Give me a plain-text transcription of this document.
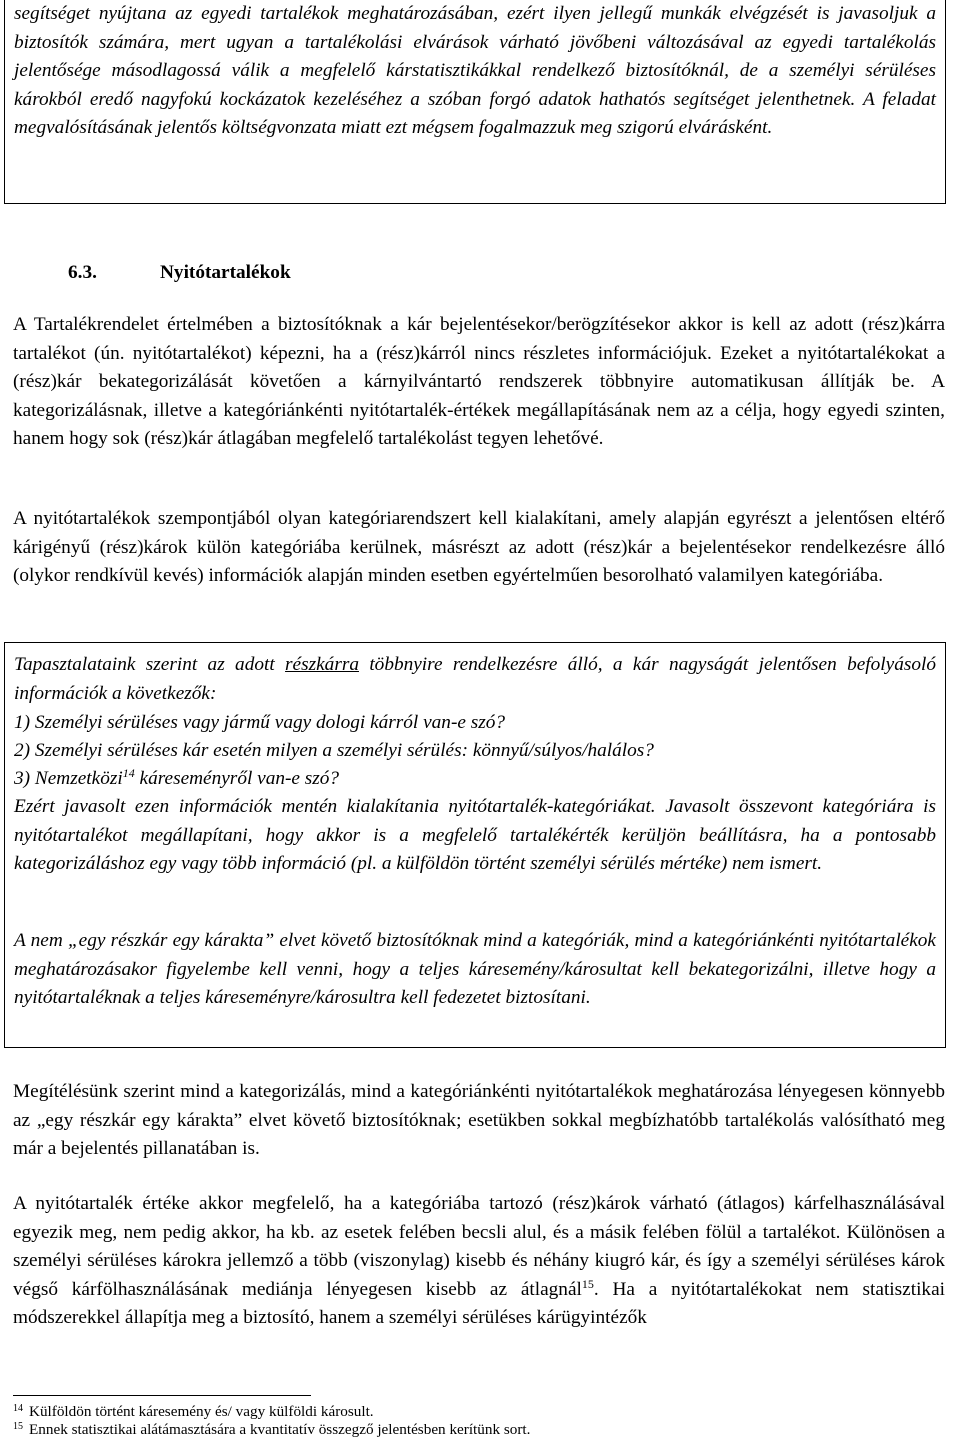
segítséget nyújtana az egyedi tartalékok meghatározásában, ezért ilyen jellegű munkák elvégzését is javasoljuk a biztosítók számára, mert ugyan a tartalékolási elvárások várható jövőbeni változásával az egyedi tartalékolás jelentősége másodlagossá válik a megfelelő kárstatisztikákkal rendelkező biztosítóknál, de a személyi sérüléses károkból eredő nagyfokú kockázatok kezeléséhez a szóban forgó adatok hathatós segítséget jelenthetnek. A feladat megvalósításának jelentős költségvonzata miatt ezt mégsem fogalmazzuk meg szigorú elvárásként.

6.3.	Nyitótartalékok

A Tartalékrendelet értelmében a biztosítóknak a kár bejelentésekor/berögzítésekor akkor is kell az adott (rész)kárra tartalékot (ún. nyitótartalékot) képezni, ha a (rész)kárról nincs részletes információjuk. Ezeket a nyitótartalékokat a (rész)kár bekategorizálását követően a kárnyilvántartó rendszerek többnyire automatikusan állítják be. A kategorizálásnak, illetve a kategóriánkénti nyitótartalék-értékek megállapításának nem az a célja, hogy egyedi szinten, hanem hogy sok (rész)kár átlagában megfelelő tartalékolást tegyen lehetővé.

A nyitótartalékok szempontjából olyan kategóriarendszert kell kialakítani, amely alapján egyrészt a jelentősen eltérő kárigényű (rész)károk külön kategóriába kerülnek, másrészt az adott (rész)kár a bejelentésekor rendelkezésre álló (olykor rendkívül kevés) információk alapján minden esetben egyértelműen besorolható valamilyen kategóriába.

Tapasztalataink szerint az adott részkárra többnyire rendelkezésre álló, a kár nagyságát jelentősen befolyásoló információk a következők:

1) Személyi sérüléses vagy jármű vagy dologi kárról van-e szó?

2) Személyi sérüléses kár esetén milyen a személyi sérülés: könnyű/súlyos/halálos?

3) Nemzetközi$^{14}$ káreseményről van-e szó?

Ezért javasolt ezen információk mentén kialakítania nyitótartalék-kategóriákat. Javasolt összevont kategóriára is nyitótartalékot megállapítani, hogy akkor is a megfelelő tartalékérték kerüljön beállításra, ha a pontosabb kategorizáláshoz egy vagy több információ (pl. a külföldön történt személyi sérülés mértéke) nem ismert.

A nem „egy részkár egy kárakta” elvet követő biztosítóknak mind a kategóriák, mind a kategóriánkénti nyitótartalékok meghatározásakor figyelembe kell venni, hogy a teljes káresemény/károsultat kell bekategorizálni, illetve hogy a nyitótartaléknak a teljes káreseményre/károsultra kell fedezetet biztosítani.

Megítélésünk szerint mind a kategorizálás, mind a kategóriánkénti nyitótartalékok meghatározása lényegesen könnyebb az „egy részkár egy kárakta” elvet követő biztosítóknak; esetükben sokkal megbízhatóbb tartalékolás valósítható meg már a bejelentés pillanatában is.

A nyitótartalék értéke akkor megfelelő, ha a kategóriába tartozó (rész)károk várható (átlagos) kárfelhasználásával egyezik meg, nem pedig akkor, ha kb. az esetek felében becsli alul, és a másik felében fölül a tartalékot. Különösen a személyi sérüléses károkra jellemző a több (viszonylag) kisebb és néhány kiugró kár, és így a személyi sérüléses károk végső kárfölhasználásának mediánja lényegesen kisebb az átlagnál$^{15}$. Ha a nyitótartalékokat nem statisztikai módszerekkel állapítja meg a biztosító, hanem a személyi sérüléses kárügyintézők

$^{14}$ Külföldön történt káresemény és/ vagy külföldi károsult.
$^{15}$ Ennek statisztikai alátámasztására a kvantitatív összegző jelentésben kerítünk sort.
